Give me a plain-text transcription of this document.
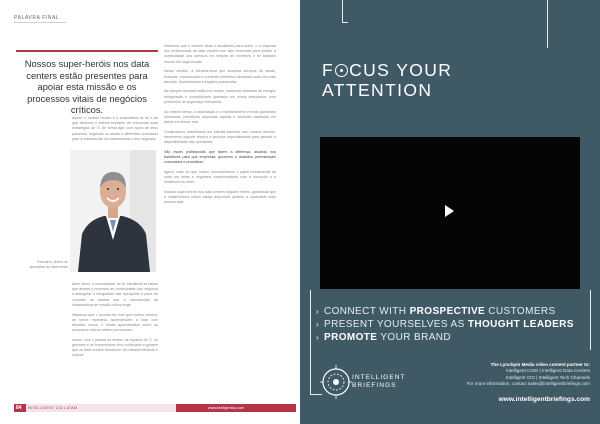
PALAVRA FINAL
Nossos super-heróis nos data centers estão presentes para apoiar esta missão e os processos vitais de negócios críticos.

Assim, o mundo mudou e a expectativa de foi a de que diretores e líderes tivessem de reformular suas estratégias de TI, de forma ágil, com apoio de seus parceiros, seguindo os atuais e diferentes processos para a manutenção da infraestrutura e dos negócios.

Executivo, diretor de operações de data center

Além disso, a necessidade de se identificar as falhas que afetam o processo de continuidade dos negócios e assegurar a integridade das operações é parte do conjunto de tarefas que a manutenção da infraestrutura de missão crítica exige.

Sabemos que o período fez com que muitos setores, de forma repentina, aprendessem a lidar com desafios novos, e esses aprendizados sobre os processos críticos devem permanecer.

Assim, com o passar do tempo, as equipes de TI, os gestores e os fornecedores têm continuado a garantir que os data centers funcionem de maneira eficiente e segura.

Sabemos que o cenário atual é desafiador para todos, e a resposta dos profissionais de data centers tem sido essencial para manter a continuidade dos serviços em tempos de incerteza e de trabalho remoto em larga escala.

Nesse sentido, a infraestrutura que sustenta serviços de saúde, finanças, comunicação e comércio eletrônico demanda cada vez mais atenção, investimentos e equipes preparadas.

As equipes técnicas estão em campo, mantendo sistemas de energia, refrigeração e conectividade operando em níveis adequados, com protocolos de segurança reforçados.

Ao mesmo tempo, a automação e o monitoramento remoto ganharam relevância, permitindo respostas rápidas e decisões baseadas em dados em tempo real.

Continuamos trabalhando em estreita parceria com nossos clientes, oferecendo suporte técnico e serviços especializados para garantir a disponibilidade das operações.

São esses profissionais que fazem a diferença, atuando nos bastidores para que empresas, governos e cidadãos permaneçam conectados e produtivos.

Agora, mais do que nunca, reconhecemos o papel fundamental de cada um deles e seguimos comprometidos com a inovação e a resiliência do setor.

Nossos super-heróis nos data centers seguem firmes, garantindo que a infraestrutura crítica esteja disponível quando a sociedade mais precisa dela.

84 INTELLIGENT CIO LATAM	www.intelligentcio.com
F CUS YOUR
ATTENTION
› CONNECT WITH PROSPECTIVE CUSTOMERS
› PRESENT YOURSELVES AS THOUGHT LEADERS
› PROMOTE YOUR BRAND
INTELLIGENT
BRIEFINGS
The Lynchpin Media video content partner to:
Intelligent CISO | Intelligent Data Centres
Intelligent CIO | Intelligent Tech Channels
For more information, contact sales@intelligentbriefings.com
www.intelligentbriefings.com
